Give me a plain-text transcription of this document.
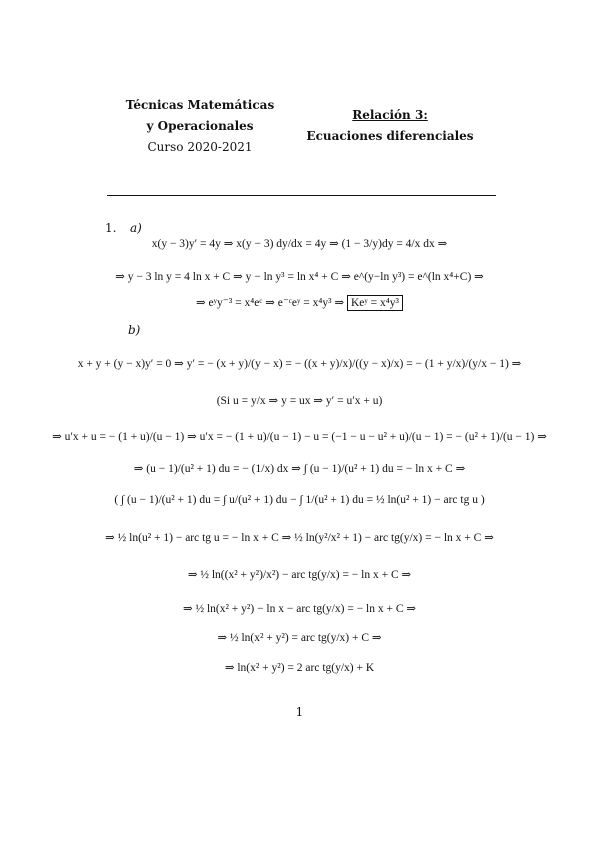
Técnicas Matemáticas
y Operacionales
Curso 2020-2021
Relación 3:
Ecuaciones diferenciales
1. a)
x(y − 3)y′ = 4y ⇒ x(y − 3) dy/dx = 4y ⇒ (1 − 3/y)dy = 4/x dx ⇒
⇒ y − 3 ln y = 4 ln x + C ⇒ y − ln y³ = ln x⁴ + C ⇒ e^(y−ln y³) = e^(ln x⁴+C) ⇒
⇒ eʸy⁻³ = x⁴eᶜ ⇒ e⁻ᶜeʸ = x⁴y³ ⇒ Keʸ = x⁴y³
b)
x + y + (y − x)y′ = 0 ⇒ y′ = − (x + y)/(y − x) = − ((x + y)/x)/((y − x)/x) = − (1 + y/x)/(y/x − 1) ⇒
(Si u = y/x ⇒ y = ux ⇒ y′ = u′x + u)
⇒ u′x + u = − (1 + u)/(u − 1) ⇒ u′x = − (1 + u)/(u − 1) − u = (−1 − u − u² + u)/(u − 1) = − (u² + 1)/(u − 1) ⇒
⇒ (u − 1)/(u² + 1) du = − (1/x) dx ⇒ ∫ (u − 1)/(u² + 1) du = − ln x + C ⇒
( ∫ (u − 1)/(u² + 1) du = ∫ u/(u² + 1) du − ∫ 1/(u² + 1) du = ½ ln(u² + 1) − arc tg u )
⇒ ½ ln(u² + 1) − arc tg u = − ln x + C ⇒ ½ ln(y²/x² + 1) − arc tg(y/x) = − ln x + C ⇒
⇒ ½ ln((x² + y²)/x²) − arc tg(y/x) = − ln x + C ⇒
⇒ ½ ln(x² + y²) − ln x − arc tg(y/x) = − ln x + C ⇒
⇒ ½ ln(x² + y²) = arc tg(y/x) + C ⇒
⇒ ln(x² + y²) = 2 arc tg(y/x) + K
1
